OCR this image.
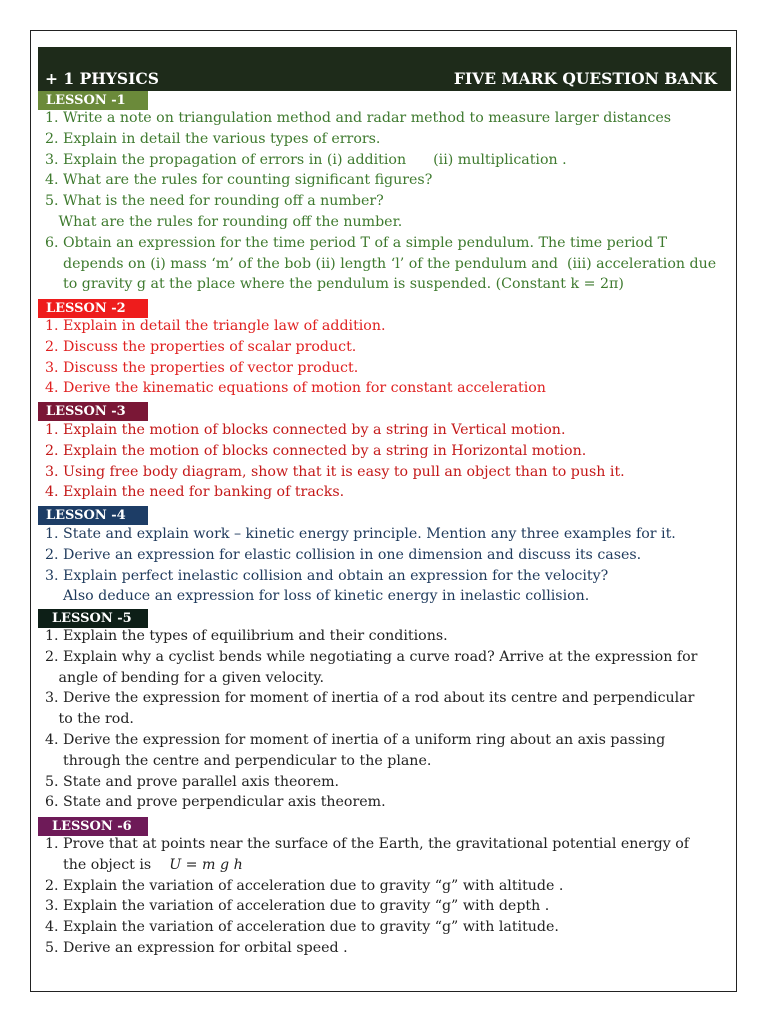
+ 1 PHYSICS	FIVE MARK QUESTION BANK
LESSON -1
1. Write a note on triangulation method and radar method to measure larger distances
2. Explain in detail the various types of errors.
3. Explain the propagation of errors in (i) addition      (ii) multiplication .
4. What are the rules for counting significant figures?
5. What is the need for rounding off a number?
What are the rules for rounding off the number.
6. Obtain an expression for the time period T of a simple pendulum. The time period T
depends on (i) mass ‘m’ of the bob (ii) length ‘l’ of the pendulum and  (iii) acceleration due
to gravity g at the place where the pendulum is suspended. (Constant k = 2π)
LESSON -2
1. Explain in detail the triangle law of addition.
2. Discuss the properties of scalar product.
3. Discuss the properties of vector product.
4. Derive the kinematic equations of motion for constant acceleration
LESSON -3
1. Explain the motion of blocks connected by a string in Vertical motion.
2. Explain the motion of blocks connected by a string in Horizontal motion.
3. Using free body diagram, show that it is easy to pull an object than to push it.
4. Explain the need for banking of tracks.
LESSON -4
1. State and explain work – kinetic energy principle. Mention any three examples for it.
2. Derive an expression for elastic collision in one dimension and discuss its cases.
3. Explain perfect inelastic collision and obtain an expression for the velocity?
Also deduce an expression for loss of kinetic energy in inelastic collision.
LESSON -5
1. Explain the types of equilibrium and their conditions.
2. Explain why a cyclist bends while negotiating a curve road? Arrive at the expression for
angle of bending for a given velocity.
3. Derive the expression for moment of inertia of a rod about its centre and perpendicular
to the rod.
4. Derive the expression for moment of inertia of a uniform ring about an axis passing
through the centre and perpendicular to the plane.
5. State and prove parallel axis theorem.
6. State and prove perpendicular axis theorem.
LESSON -6
1. Prove that at points near the surface of the Earth, the gravitational potential energy of
the object is U = m g h
2. Explain the variation of acceleration due to gravity “g” with altitude .
3. Explain the variation of acceleration due to gravity “g” with depth .
4. Explain the variation of acceleration due to gravity “g” with latitude.
5. Derive an expression for orbital speed .
